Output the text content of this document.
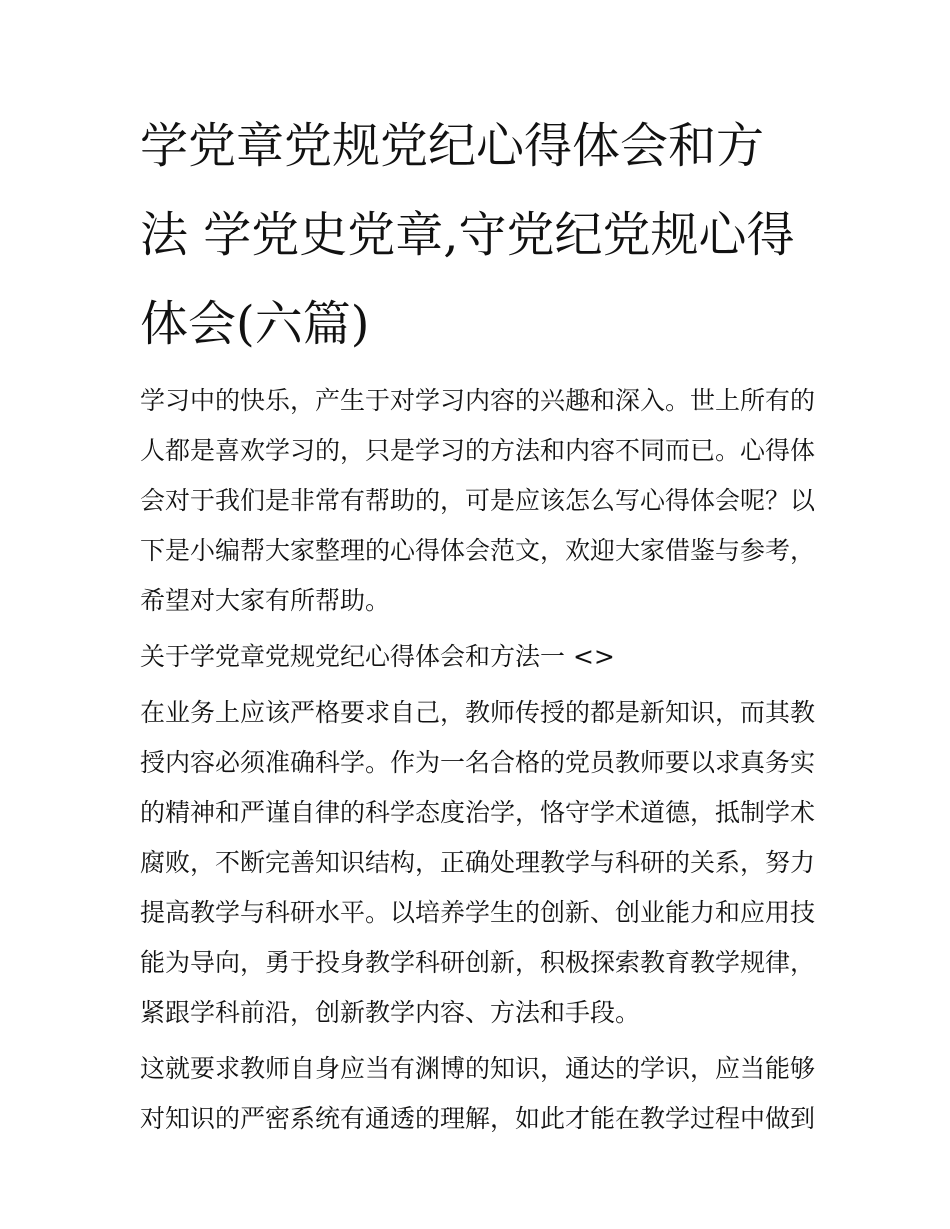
学党章党规党纪心得体会和方
法 学党史党章,守党纪党规心得
体会(六篇)
学习中的快乐，产生于对学习内容的兴趣和深入。世上所有的
人都是喜欢学习的，只是学习的方法和内容不同而已。心得体
会对于我们是非常有帮助的，可是应该怎么写心得体会呢？以
下是小编帮大家整理的心得体会范文，欢迎大家借鉴与参考，
希望对大家有所帮助。
关于学党章党规党纪心得体会和方法一 <>
在业务上应该严格要求自己，教师传授的都是新知识，而其教
授内容必须准确科学。作为一名合格的党员教师要以求真务实
的精神和严谨自律的科学态度治学，恪守学术道德，抵制学术
腐败，不断完善知识结构，正确处理教学与科研的关系，努力
提高教学与科研水平。以培养学生的创新、创业能力和应用技
能为导向，勇于投身教学科研创新，积极探索教育教学规律，
紧跟学科前沿，创新教学内容、方法和手段。
这就要求教师自身应当有渊博的知识，通达的学识，应当能够
对知识的严密系统有通透的理解，如此才能在教学过程中做到
